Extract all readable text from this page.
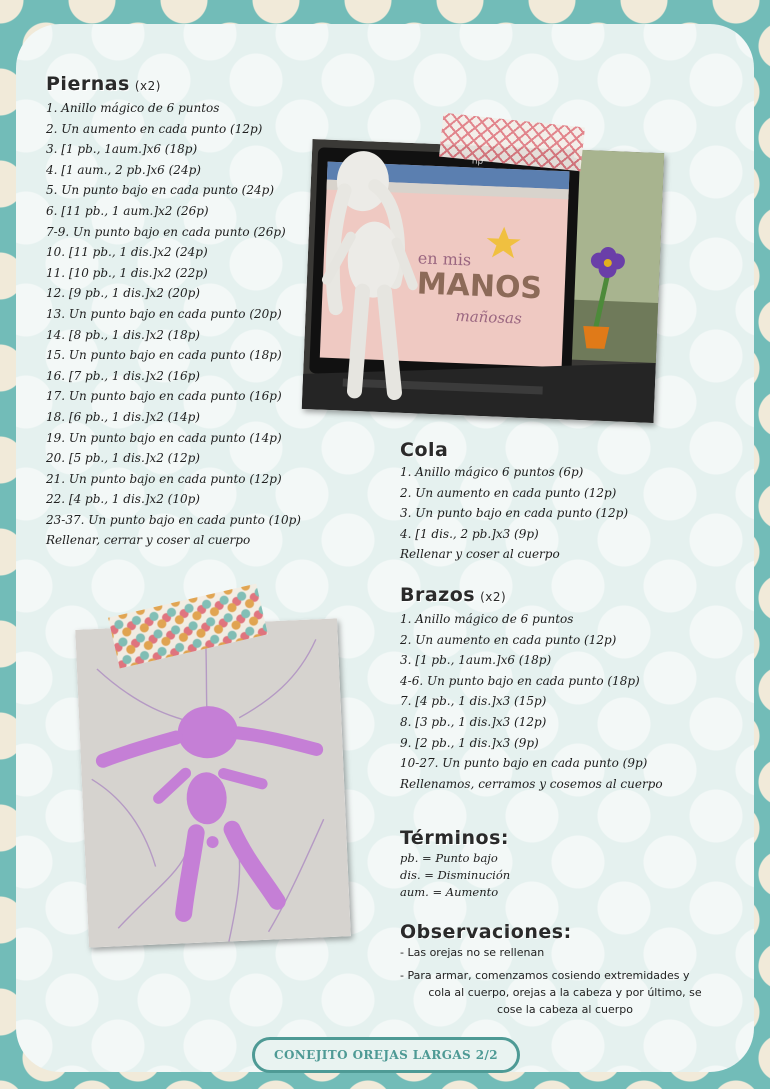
Piernas (x2)
1. Anillo mágico de 6 puntos
2. Un aumento en cada punto (12p)
3. [1 pb., 1aum.]x6 (18p)
4. [1 aum., 2 pb.]x6 (24p)
5. Un punto bajo en cada punto (24p)
6. [11 pb., 1 aum.]x2 (26p)
7-9. Un punto bajo en cada punto (26p)
10. [11 pb., 1 dis.]x2 (24p)
11. [10 pb., 1 dis.]x2 (22p)
12. [9 pb., 1 dis.]x2 (20p)
13. Un punto bajo en cada punto (20p)
14. [8 pb., 1 dis.]x2 (18p)
15. Un punto bajo en cada punto (18p)
16. [7 pb., 1 dis.]x2 (16p)
17. Un punto bajo en cada punto (16p)
18. [6 pb., 1 dis.]x2 (14p)
19. Un punto bajo en cada punto (14p)
20. [5 pb., 1 dis.]x2 (12p)
21. Un punto bajo en cada punto (12p)
22. [4 pb., 1 dis.]x2 (10p)
23-37. Un punto bajo en cada punto (10p)
Rellenar, cerrar y coser al cuerpo
hp
en mis
MANOS
mañosas
Cola
1. Anillo mágico 6 puntos (6p)
2. Un aumento en cada punto (12p)
3. Un punto bajo en cada punto (12p)
4. [1 dis., 2 pb.]x3 (9p)
Rellenar y coser al cuerpo
Brazos (x2)
1. Anillo mágico de 6 puntos
2. Un aumento en cada punto (12p)
3. [1 pb., 1aum.]x6 (18p)
4-6. Un punto bajo en cada punto (18p)
7. [4 pb., 1 dis.]x3 (15p)
8. [3 pb., 1 dis.]x3 (12p)
9. [2 pb., 1 dis.]x3 (9p)
10-27. Un punto bajo en cada punto (9p)
Rellenamos, cerramos y cosemos al cuerpo
Términos:
pb. = Punto bajo
dis. = Disminución
aum. = Aumento
Observaciones:
- Las orejas no se rellenan
- Para armar, comenzamos cosiendo extremidades y
cola al cuerpo, orejas a la cabeza y por último, se
cose la cabeza al cuerpo
CONEJITO OREJAS LARGAS 2/2
